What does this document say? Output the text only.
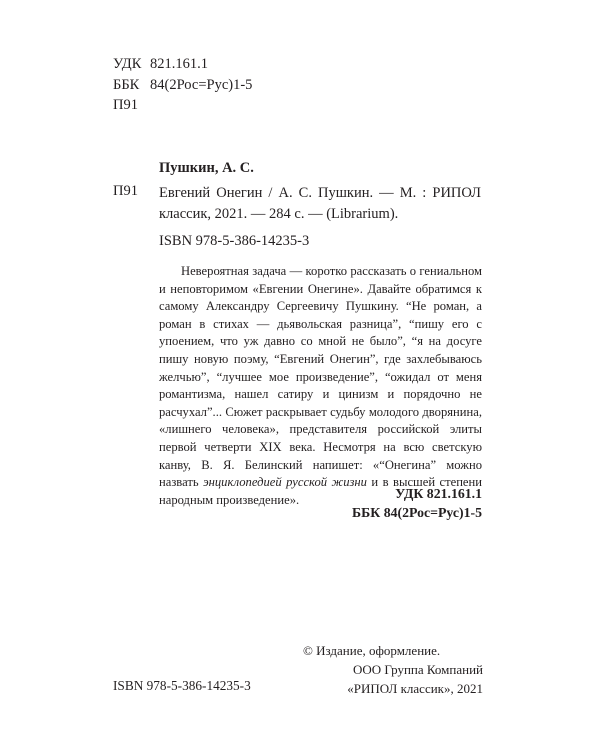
УДК 821.161.1
ББК 84(2Рос=Рус)1-5
П91
Пушкин, А. С.
П91 Евгений Онегин / А. С. Пушкин. — М. : РИПОЛ классик, 2021. — 284 с. — (Librarium).
ISBN 978-5-386-14235-3
Невероятная задача — коротко рассказать о гениальном и неповторимом «Евгении Онегине». Давайте обратимся к самому Александру Сергеевичу Пушкину. “Не роман, а роман в стихах — дьявольская разница”, “пишу его с упоением, что уж давно со мной не было”, “я на досуге пишу новую поэму, “Евгений Онегин”, где захлебываюсь желчью”, “лучшее мое произведение”, “ожидал от меня романтизма, нашел сатиру и цинизм и порядочно не расчухал”... Сюжет раскрывает судьбу молодого дворянина, «лишнего человека», представителя российской элиты первой четверти XIX века. Несмотря на всю светскую канву, В. Я. Белинский напишет: «“Онегина” можно назвать энциклопедией русской жизни и в высшей степени народным произведение».	УДК 821.161.1
ББК 84(2Рос=Рус)1-5
© Издание, оформление.
ООО Группа Компаний
«РИПОЛ классик», 2021
ISBN 978-5-386-14235-3
